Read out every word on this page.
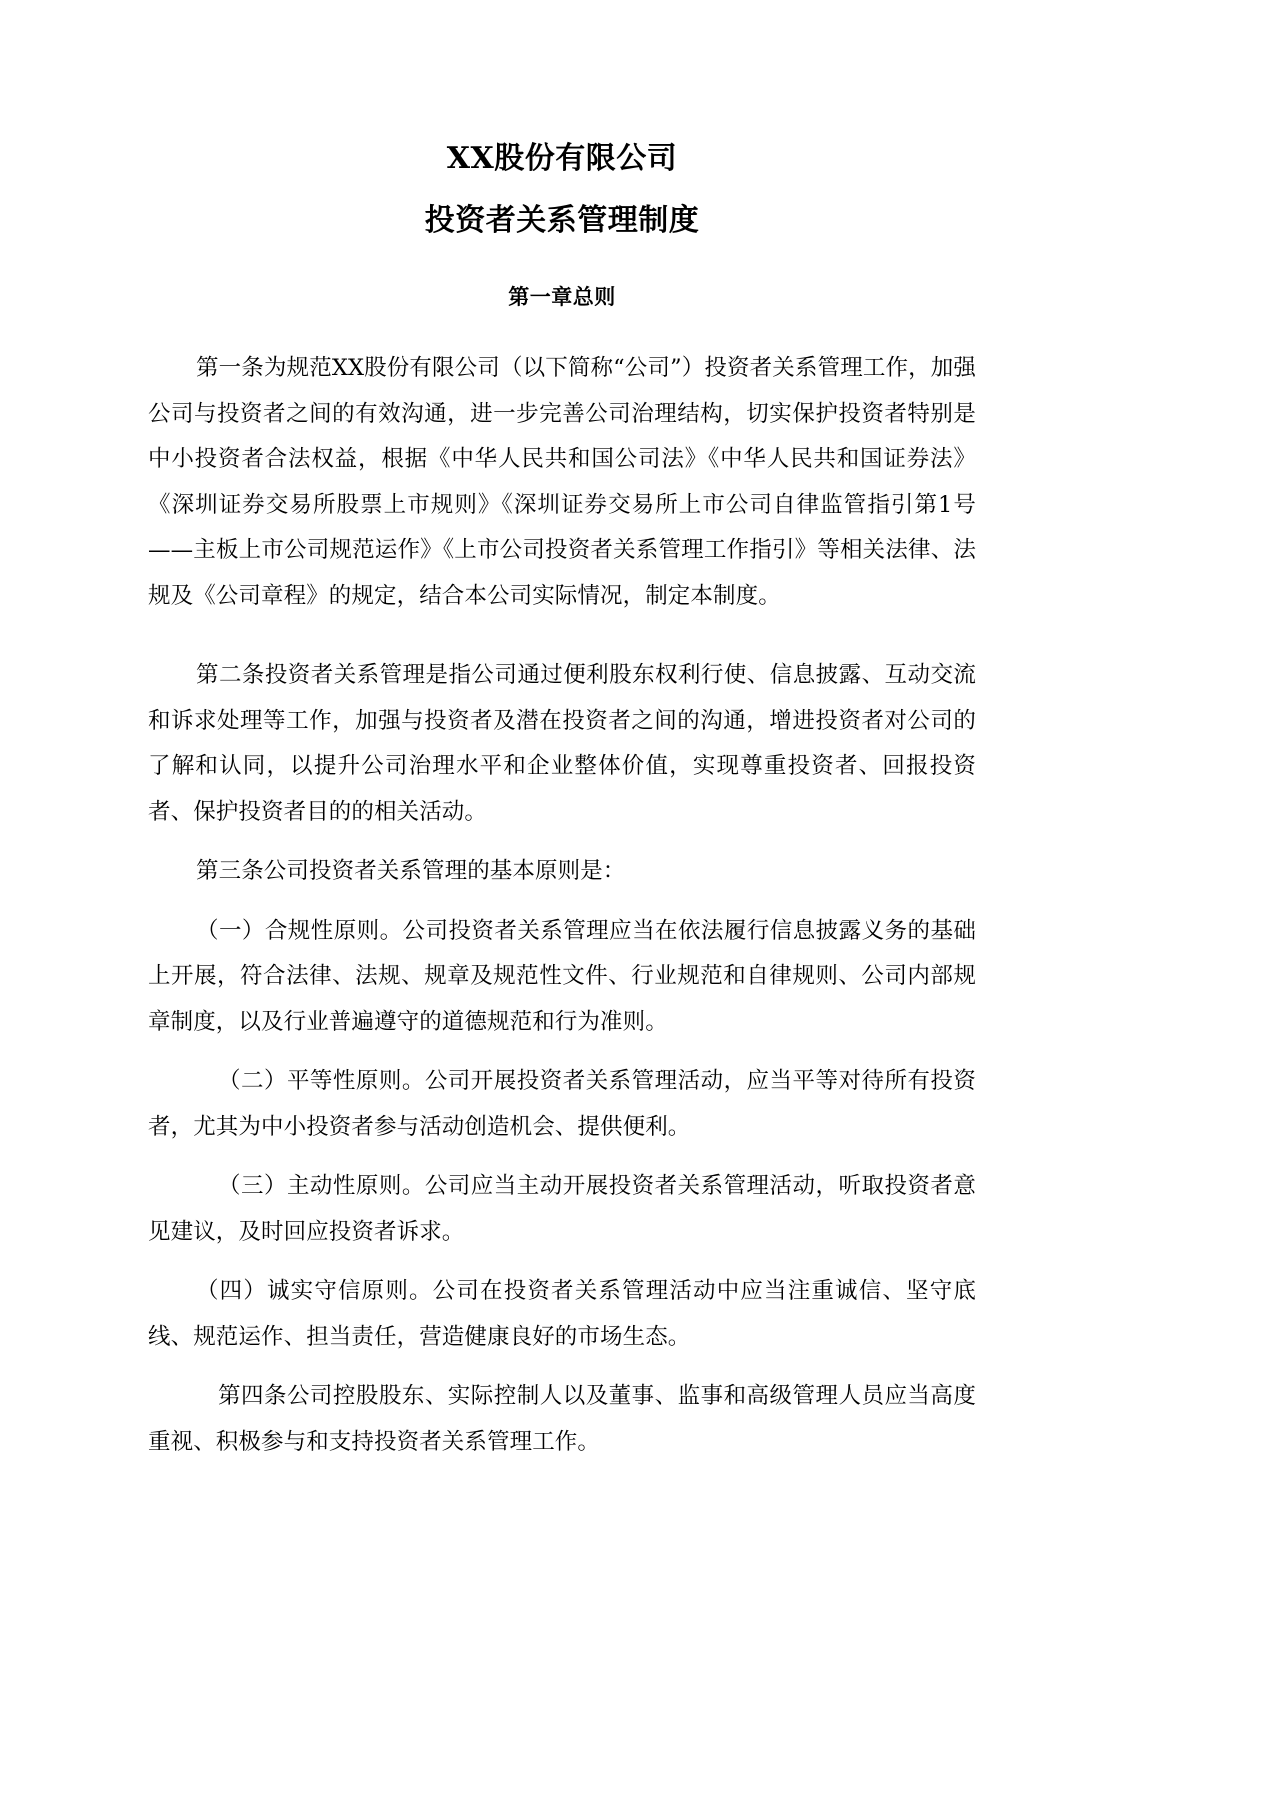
XX股份有限公司
投资者关系管理制度
第一章总则

第一条为规范XX股份有限公司（以下简称“公司”）投资者关系管理工作，加强公司与投资者之间的有效沟通，进一步完善公司治理结构，切实保护投资者特别是中小投资者合法权益，根据《中华人民共和国公司法》《中华人民共和国证券法》《深圳证券交易所股票上市规则》《深圳证券交易所上市公司自律监管指引第1号——主板上市公司规范运作》《上市公司投资者关系管理工作指引》等相关法律、法规及《公司章程》的规定，结合本公司实际情况，制定本制度。

第二条投资者关系管理是指公司通过便利股东权利行使、信息披露、互动交流和诉求处理等工作，加强与投资者及潜在投资者之间的沟通，增进投资者对公司的了解和认同，以提升公司治理水平和企业整体价值，实现尊重投资者、回报投资者、保护投资者目的的相关活动。

第三条公司投资者关系管理的基本原则是：

（一）合规性原则。公司投资者关系管理应当在依法履行信息披露义务的基础上开展，符合法律、法规、规章及规范性文件、行业规范和自律规则、公司内部规章制度，以及行业普遍遵守的道德规范和行为准则。

（二）平等性原则。公司开展投资者关系管理活动，应当平等对待所有投资者，尤其为中小投资者参与活动创造机会、提供便利。

（三）主动性原则。公司应当主动开展投资者关系管理活动，听取投资者意见建议，及时回应投资者诉求。

（四）诚实守信原则。公司在投资者关系管理活动中应当注重诚信、坚守底线、规范运作、担当责任，营造健康良好的市场生态。

第四条公司控股股东、实际控制人以及董事、监事和高级管理人员应当高度重视、积极参与和支持投资者关系管理工作。
